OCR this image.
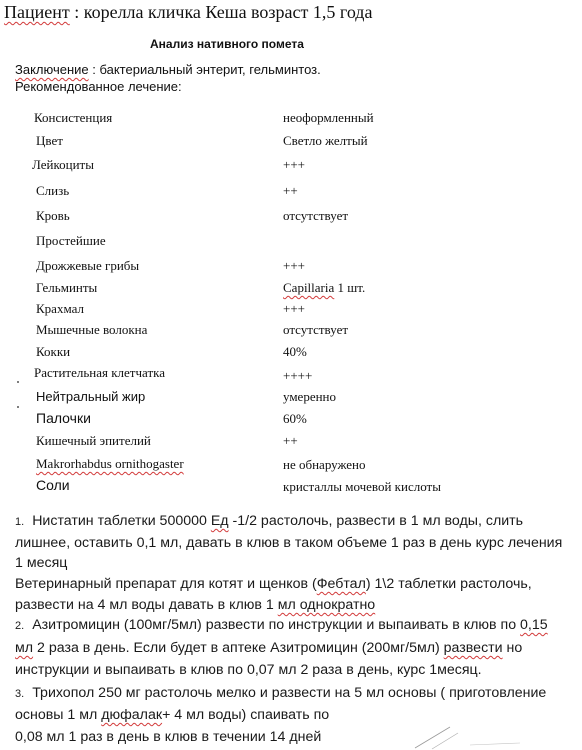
Пациент : корелла кличка Кеша возраст 1,5 года
Анализ нативного помета
Заключение : бактериальный энтерит, гельминтоз.
Рекомендованное лечение:
Консистенция	неоформленный
Цвет	Светло желтый
Лейкоциты	+++
Слизь	++
Кровь	отсутствует
Простейшие
Дрожжевые грибы	+++
Гельминты	Capillaria 1 шт.
Крахмал	+++
Мышечные волокна	отсутствует
Кокки	40%
Растительная клетчатка	++++
Нейтральный жир	умеренно
Палочки	60%
Кишечный эпителий	++
Makrorhabdus ornithogaster	не обнаружено
Соли	кристаллы мочевой кислоты
1. Нистатин таблетки 500000 Ед -1/2 растолочь, развести в 1 мл воды, слить
лишнее, оставить 0,1 мл, давать в клюв в таком объеме 1 раз в день курс лечения
1 месяц
Ветеринарный препарат для котят и щенков (Фебтал) 1\2 таблетки растолочь,
развести на 4 мл воды давать в клюв 1 мл однократно
2. Азитромицин (100мг/5мл) развести по инструкции и выпаивать в клюв по 0,15
мл 2 раза в день. Если будет в аптеке Азитромицин (200мг/5мл) развести но
инструкции и выпаивать в клюв по 0,07 мл 2 раза в день, курс 1месяц.
3. Трихопол 250 мг растолочь мелко и развести на 5 мл основы ( приготовление
основы 1 мл дюфалак+ 4 мл воды) спаивать по
0,08 мл 1 раз в день в клюв в течении 14 дней
